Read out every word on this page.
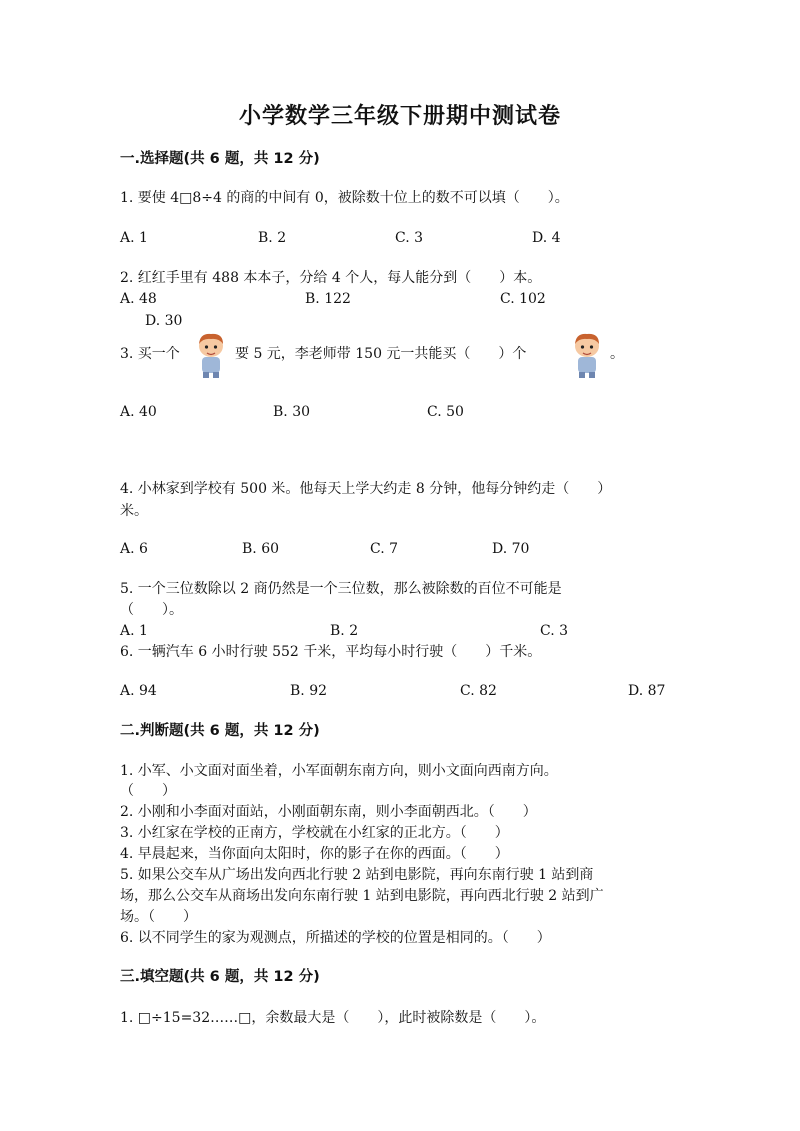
小学数学三年级下册期中测试卷
一.选择题(共 6 题，共 12 分)
1. 要使 4□8÷4 的商的中间有 0，被除数十位上的数不可以填（　　）。
A. 1	B. 2	C. 3	D. 4
2. 红红手里有 488 本本子，分给 4 个人，每人能分到（　　）本。
A. 48	B. 122	C. 102
D. 30
3. 买一个	要 5 元，李老师带 150 元一共能买（　　）个	。
A. 40	B. 30	C. 50
4. 小林家到学校有 500 米。他每天上学大约走 8 分钟，他每分钟约走（　　）
米。
A. 6	B. 60	C. 7	D. 70
5. 一个三位数除以 2 商仍然是一个三位数，那么被除数的百位不可能是
（　　）。
A. 1	B. 2	C. 3
6. 一辆汽车 6 小时行驶 552 千米，平均每小时行驶（　　）千米。
A. 94	B. 92	C. 82	D. 87
二.判断题(共 6 题，共 12 分)
1. 小军、小文面对面坐着，小军面朝东南方向，则小文面向西南方向。
（　　）
2. 小刚和小李面对面站，小刚面朝东南，则小李面朝西北。（　　）
3. 小红家在学校的正南方，学校就在小红家的正北方。（　　）
4. 早晨起来，当你面向太阳时，你的影子在你的西面。（　　）
5. 如果公交车从广场出发向西北行驶 2 站到电影院，再向东南行驶 1 站到商
场，那么公交车从商场出发向东南行驶 1 站到电影院，再向西北行驶 2 站到广
场。（　　）
6. 以不同学生的家为观测点，所描述的学校的位置是相同的。（　　）
三.填空题(共 6 题，共 12 分)
1. □÷15=32……□，余数最大是（　　），此时被除数是（　　）。
